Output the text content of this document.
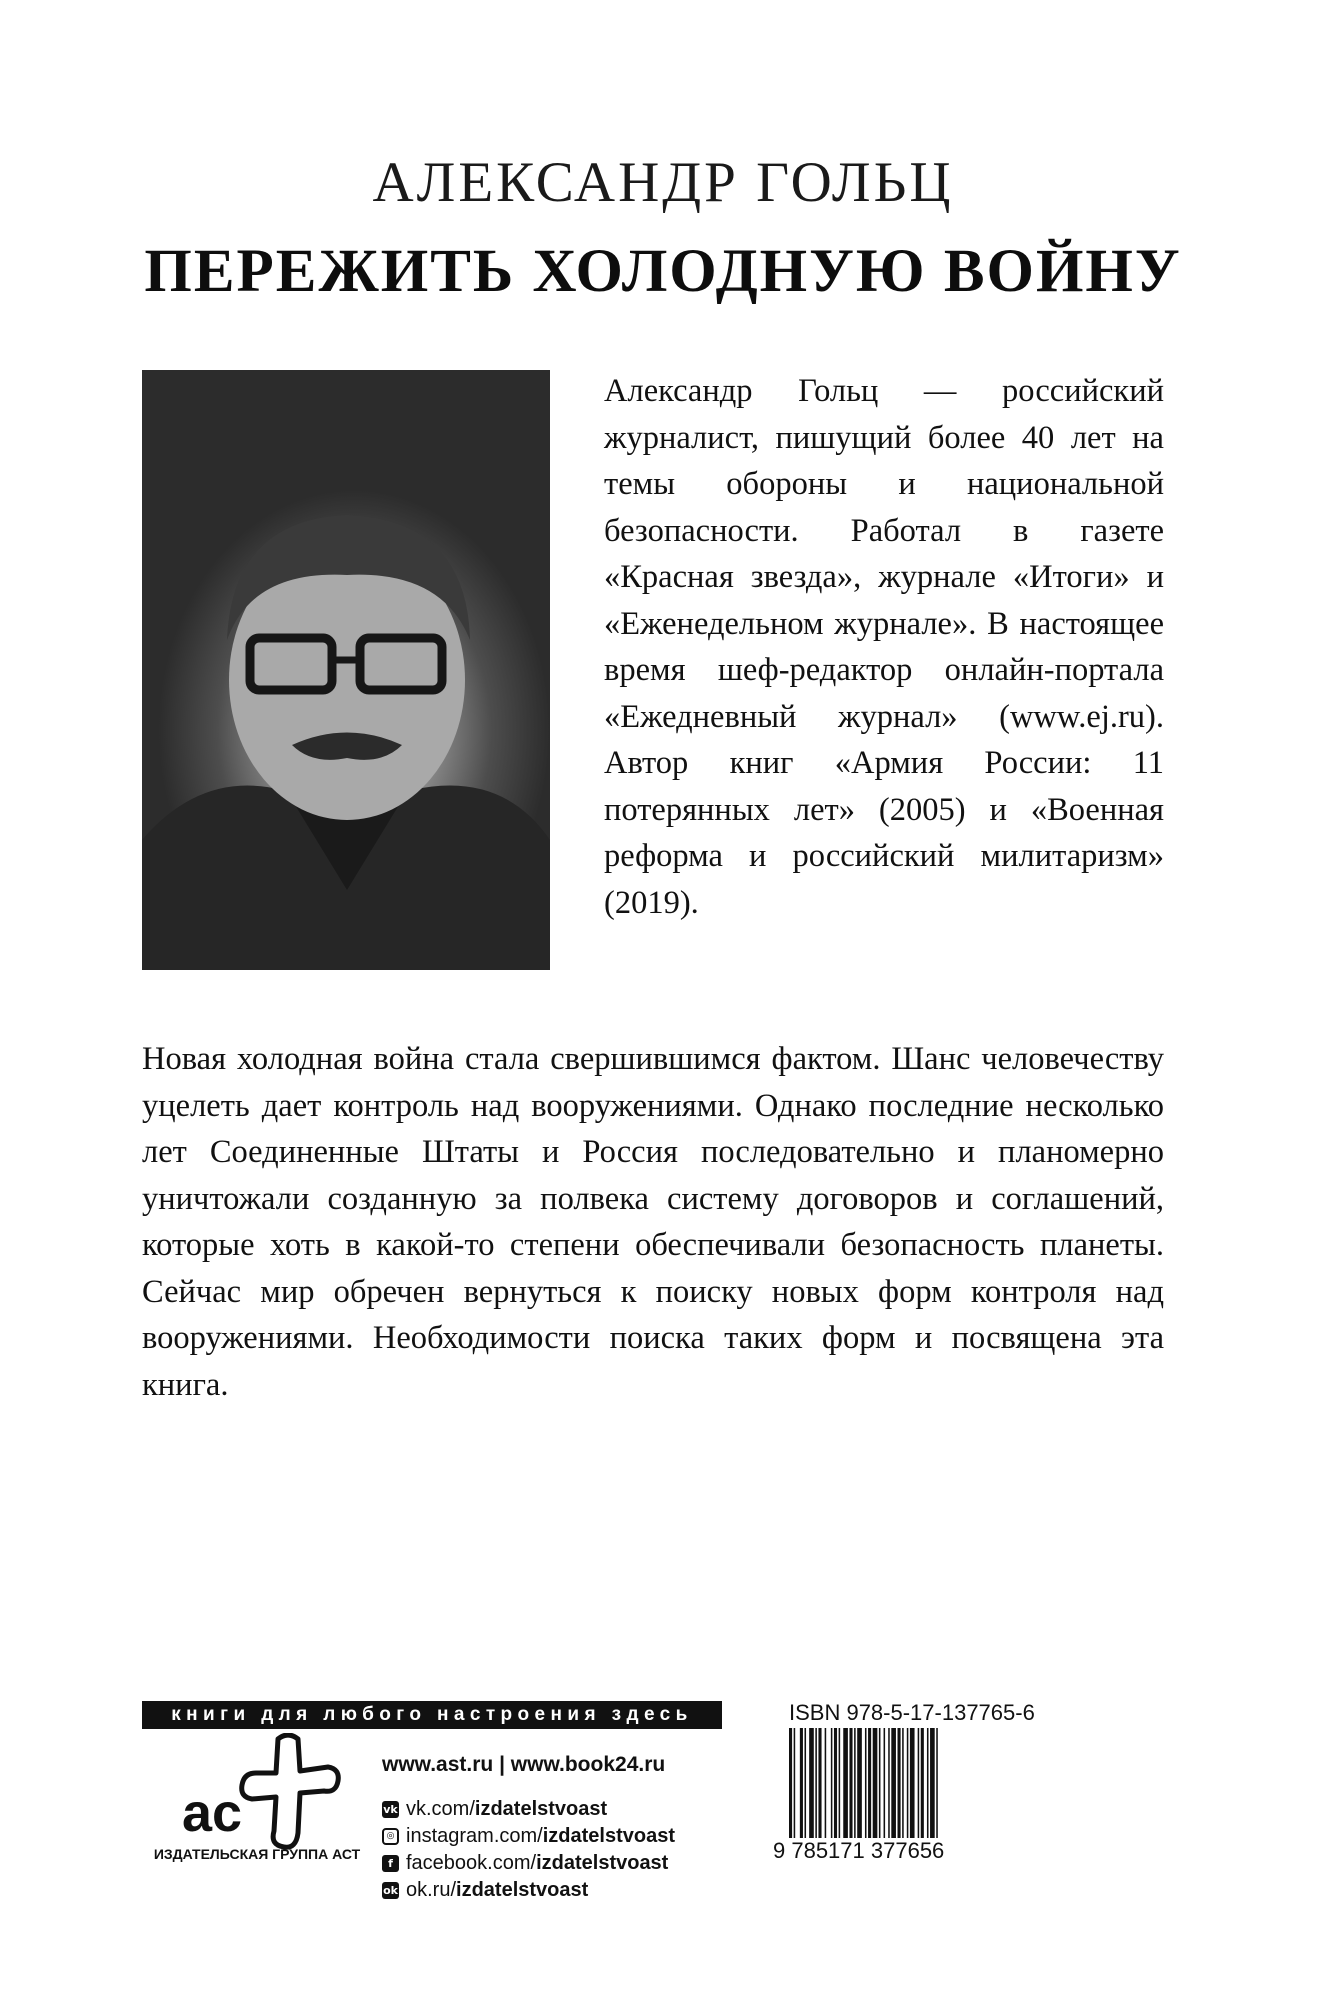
АЛЕКСАНДР ГОЛЬЦ
ПЕРЕЖИТЬ ХОЛОДНУЮ ВОЙНУ

Александр Гольц — российский журналист, пишущий более 40 лет на темы обороны и национальной безопасности. Работал в газете «Красная звезда», журнале «Итоги» и «Еженедельном журнале». В настоящее время шеф-редактор онлайн-портала «Ежедневный журнал» (www.ej.ru). Автор книг «Армия России: 11 потерянных лет» (2005) и «Военная реформа и российский милитаризм» (2019).

Новая холодная война стала свершившимся фактом. Шанс человечеству уцелеть дает контроль над вооружениями. Однако последние несколько лет Соединенные Штаты и Россия последовательно и планомерно уничтожали созданную за полвека систему договоров и соглашений, которые хоть в какой-то степени обеспечивали безопасность планеты. Сейчас мир обречен вернуться к поиску новых форм контроля над вооружениями. Необходимости поиска таких форм и посвящена эта книга.

книги для любого настроения здесь
ас
ИЗДАТЕЛЬСКАЯ ГРУППА АСТ
www.ast.ru | www.book24.ru
vk vk.com/ izdatelstvoast
◎ instagram.com/ izdatelstvoast
f facebook.com/ izdatelstvoast
ok ok.ru/ izdatelstvoast
ISBN 978-5-17-137765-6
9 785171 377656
